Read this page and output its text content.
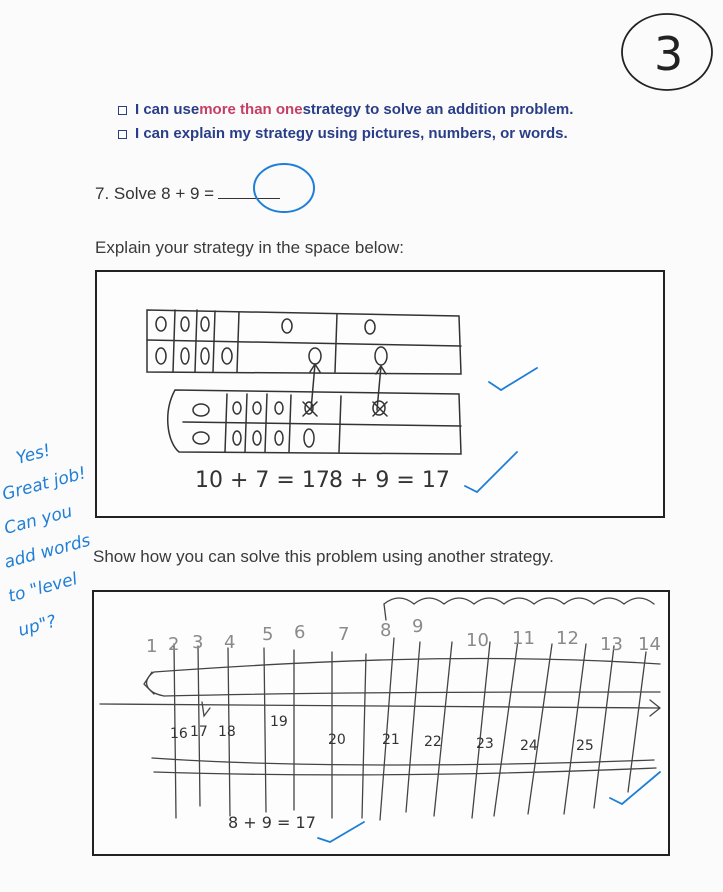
3
I can use more than one strategy to solve an addition problem.
I can explain my strategy using pictures, numbers, or words.
7. Solve 8 + 9 =
Explain your strategy in the space below:
10 + 7 = 17 8 + 9 = 17
Yes!
Great job!
Can you
add words
to "level
up"?
Show how you can solve this problem using another strategy.
1 2 3 4 5 6 7 8 9
10 11 12 13 14
16 17 18
19
20	21 22 23 24	25
8 + 9 = 17
